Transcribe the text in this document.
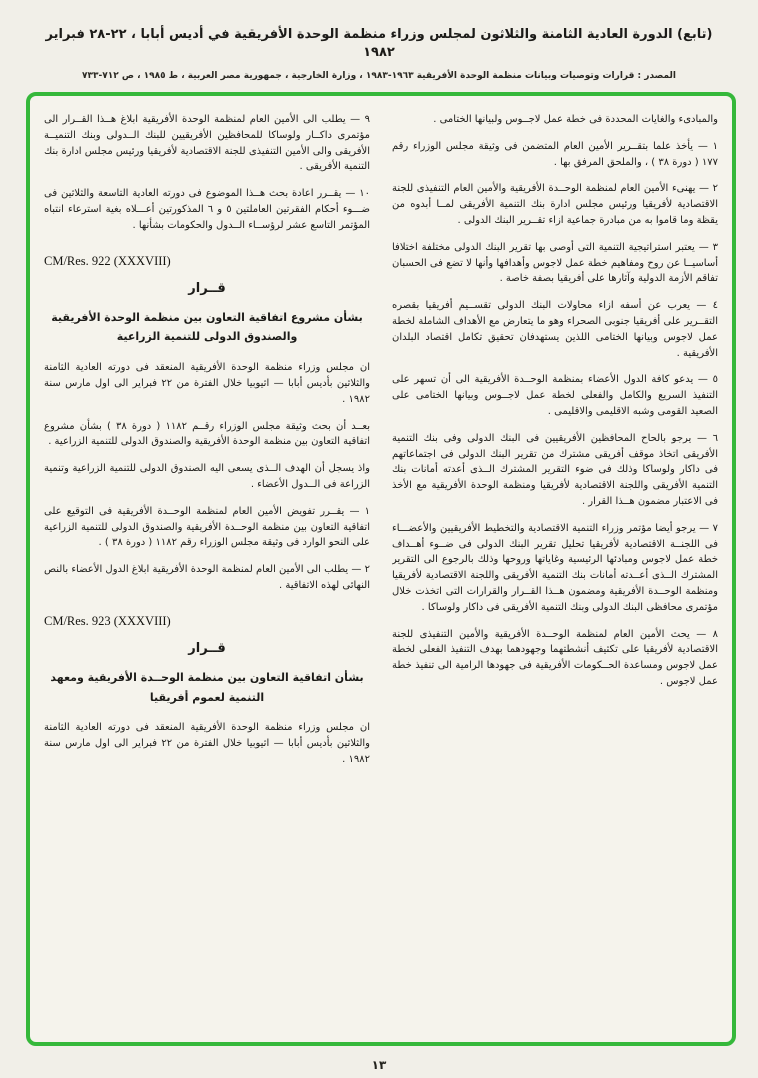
(تابع) الدورة العادية الثامنة والثلاثون لمجلس وزراء منظمة الوحدة الأفريقية في أديس أبابا ، ٢٢-٢٨ فبراير ١٩٨٢
المصدر : قرارات وتوصيات وبيانات منظمة الوحدة الأفريقية ١٩٦٣-١٩٨٣ ، وزارة الخارجية ، جمهورية مصر العربية ، ط ١٩٨٥ ، ص ٧١٢-٧٣٣

والمبادىء والغايات المحددة فى خطة عمل لاجــوس ولبيانها الختامى .

١ — يأخذ علما بتقــرير الأمين العام المتضمن فى وثيقة مجلس الوزراء رقم ١٧٧ ( دورة ٣٨ ) ، والملحق المرفق بها .

٢ — يهنىء الأمين العام لمنظمة الوحــدة الأفريقية والأمين العام التنفيذى للجنة الاقتصادية لأفريقيا ورئيس مجلس ادارة بنك التنمية الأفريقى لمــا أبدوه من يقظة وما قاموا به من مبادرة جماعية ازاء تقــرير البنك الدولى .

٣ — يعتبر استراتيجية التنمية التى أوصى بها تقرير البنك الدولى مختلفة اختلافا أساسيــا عن روح ومفاهيم خطة عمل لاجوس وأهدافها وأنها لا تضع فى الحسبان تفاقم الأزمة الدولية وآثارها على أفريقيا بصفة خاصة .

٤ — يعرب عن أسفه ازاء محاولات البنك الدولى تقســيم أفريقيا بقصره التقــرير على أفريقيا جنوبى الصحراء وهو ما يتعارض مع الأهداف الشاملة لخطة عمل لاجوس وبيانها الختامى اللذين يستهدفان تحقيق تكامل اقتصاد البلدان الأفريقية .

٥ — يدعو كافة الدول الأعضاء بمنظمة الوحــدة الأفريقية الى أن تسهر على التنفيذ السريع والكامل والفعلى لخطة عمل لاجــوس وبيانها الختامى على الصعيد القومى وشبه الاقليمى والاقليمى .

٦ — يرجو بالحاح المحافظين الأفريقيين فى البنك الدولى وفى بنك التنمية الأفريقى اتخاذ موقف أفريقى مشترك من تقرير البنك الدولى فى اجتماعاتهم فى داكار ولوساكا وذلك فى ضوء التقرير المشترك الــذى أعدته أمانات بنك التنمية الأفريقى واللجنة الاقتصادية لأفريقيا ومنظمة الوحدة الأفريقية مع الأخذ فى الاعتبار مضمون هــذا القرار .

٧ — يرجو أيضا مؤتمر وزراء التنمية الاقتصادية والتخطيط الأفريقيين والأعضـــاء فى اللجنــة الاقتصادية لأفريقيا تحليل تقرير البنك الدولى فى ضــوء أهــداف خطة عمل لاجوس ومبادئها الرئيسية وغاياتها وروحها وذلك بالرجوع الى التقرير المشترك الــذى أعــدته أمانات بنك التنمية الأفريقى واللجنة الاقتصادية لأفريقيا ومنظمة الوحــدة الأفريقية ومضمون هــذا القــرار والقرارات التى اتخذت خلال مؤتمرى محافظى البنك الدولى وبنك التنمية الأفريقى فى داكار ولوساكا .

٨ — يحث الأمين العام لمنظمة الوحــدة الأفريقية والأمين التنفيذى للجنة الاقتصادية لأفريقيا على تكثيف أنشطتهما وجهودهما بهدف التنفيذ الفعلى لخطة عمل لاجوس ومساعدة الحــكومات الأفريقية فى جهودها الرامية الى تنفيذ خطة عمل لاجوس .

٩ — يطلب الى الأمين العام لمنظمة الوحدة الأفريقية ابلاغ هــذا القــرار الى مؤتمرى داكــار ولوساكا للمحافظين الأفريقيين للبنك الــدولى وبنك التنميــة الأفريقى والى الأمين التنفيذى للجنة الاقتصادية لأفريقيا ورئيس مجلس ادارة بنك التنمية الأفريقى .

١٠ — يقــرر اعادة بحث هــذا الموضوع فى دورته العادية التاسعة والثلاثين فى ضـــوء أحكام الفقرتين العاملتين ٥ و ٦ المذكورتين أعـــلاه بغية استرعاء انتباه المؤتمر التاسع عشر لرؤســاء الــدول والحكومات بشأنها .

CM/Res. 922 (XXXVIII)
قــرار
بشأن مشروع اتفاقية التعاون بين منظمة الوحدة الأفريقية والصندوق الدولى للتنمية الزراعية

ان مجلس وزراء منظمة الوحدة الأفريقية المنعقد فى دورته العادية الثامنة والثلاثين بأديس أبابا — اثيوبيا خلال الفترة من ٢٢ فبراير الى اول مارس سنة ١٩٨٢ .

بعــد أن بحث وثيقة مجلس الوزراء رقــم ١١٨٢ ( دورة ٣٨ ) بشأن مشروع اتفاقية التعاون بين منظمة الوحدة الأفريقية والصندوق الدولى للتنمية الزراعية .

واذ يسجل أن الهدف الــذى يسعى اليه الصندوق الدولى للتنمية الزراعية وتنمية الزراعة فى الــدول الأعضاء .

١ — يقــرر تفويض الأمين العام لمنظمة الوحــدة الأفريقية فى التوقيع على اتفاقية التعاون بين منظمة الوحــدة الأفريقية والصندوق الدولى للتنمية الزراعية على النحو الوارد فى وثيقة مجلس الوزراء رقم ١١٨٢ ( دورة ٣٨ ) .

٢ — يطلب الى الأمين العام لمنظمة الوحدة الأفريقية ابلاغ الدول الأعضاء بالنص النهائى لهذه الاتفاقية .

CM/Res. 923 (XXXVIII)
قــرار
بشأن اتفاقية التعاون بين منظمة الوحــدة الأفريقية ومعهد التنمية لعموم أفريقيا

ان مجلس وزراء منظمة الوحدة الأفريقية المنعقد فى دورته العادية الثامنة والثلاثين بأديس أبابا — اثيوبيا خلال الفترة من ٢٢ فبراير الى اول مارس سنة ١٩٨٢ .

١٣
